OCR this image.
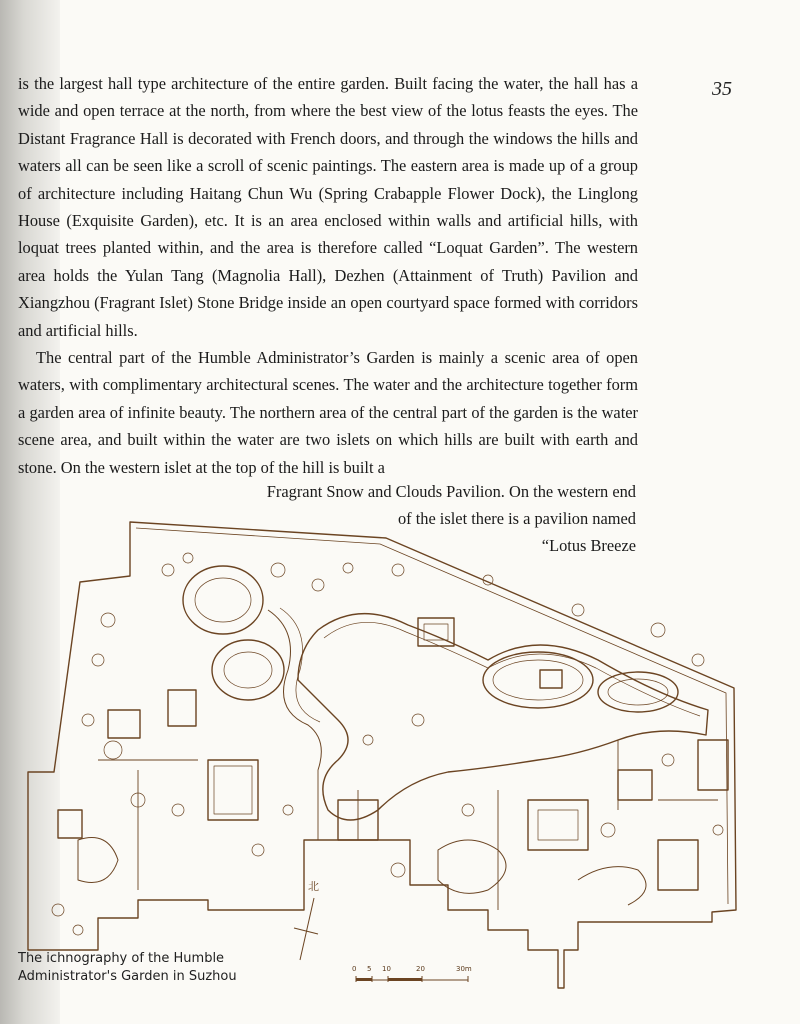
35

is the largest hall type architecture of the entire garden. Built facing the water, the hall has a wide and open terrace at the north, from where the best view of the lotus feasts the eyes. The Distant Fragrance Hall is decorated with French doors, and through the windows the hills and waters all can be seen like a scroll of scenic paintings. The eastern area is made up of a group of architecture including Haitang Chun Wu (Spring Crabapple Flower Dock), the Linglong House (Exquisite Garden), etc. It is an area enclosed within walls and artificial hills, with loquat trees planted within, and the area is therefore called “Loquat Garden”. The western area holds the Yulan Tang (Magnolia Hall), Dezhen (Attainment of Truth) Pavilion and Xiangzhou (Fragrant Islet) Stone Bridge inside an open courtyard space formed with corridors and artificial hills.

The central part of the Humble Administrator’s Garden is mainly a scenic area of open waters, with complimentary architectural scenes. The water and the architecture together form a garden area of infinite beauty. The northern area of the central part of the garden is the water scene area, and built within the water are two islets on which hills are built with earth and stone. On the western islet at the top of the hill is built a

Fragrant Snow and Clouds Pavilion. On the western end
of the islet there is a pavilion named
“Lotus Breeze
北
0 5 10	20	30m
The ichnography of the Humble
Administrator's Garden in Suzhou
